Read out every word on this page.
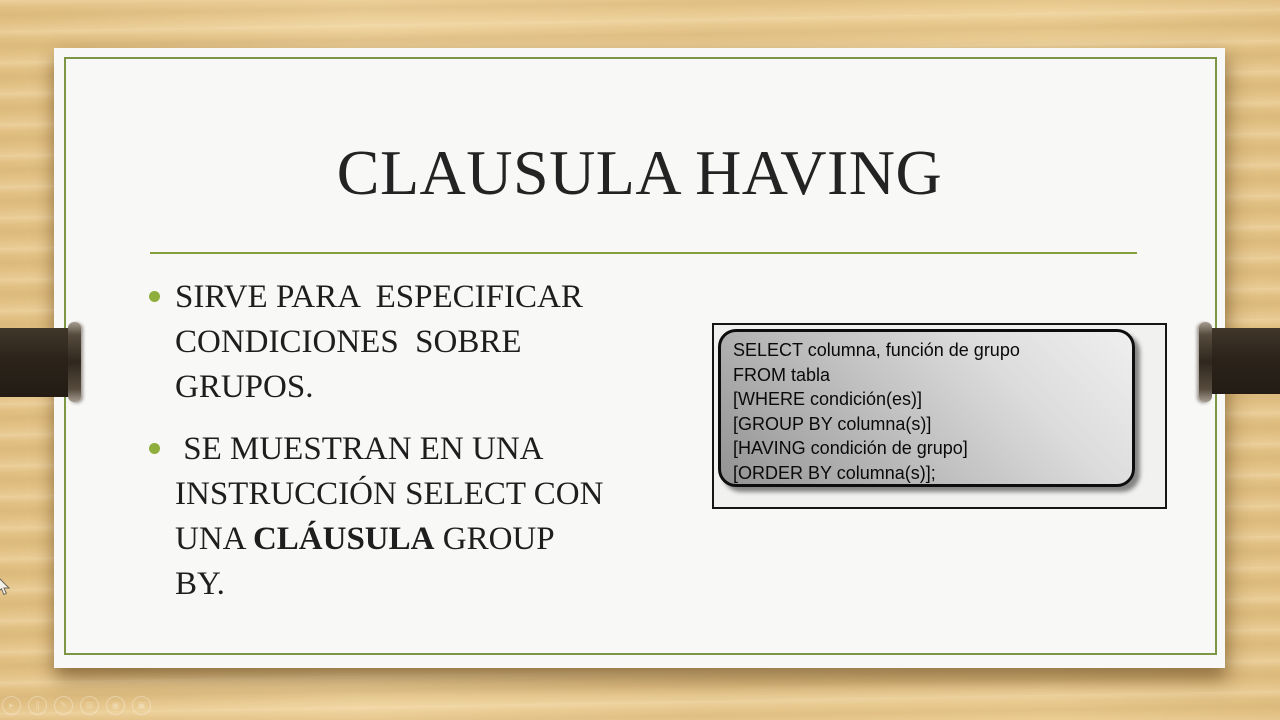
CLAUSULA HAVING
SIRVE PARA  ESPECIFICAR
CONDICIONES  SOBRE
GRUPOS.
SE MUESTRAN EN UNA
INSTRUCCIÓN SELECT CON
UNA CLÁUSULA GROUP
BY.
SELECT columna, función de grupo
FROM tabla
[WHERE condición(es)]
[GROUP BY columna(s)]
[HAVING condición de grupo]
[ORDER BY columna(s)];
▸	∥	✎	⊞	◉	▣
